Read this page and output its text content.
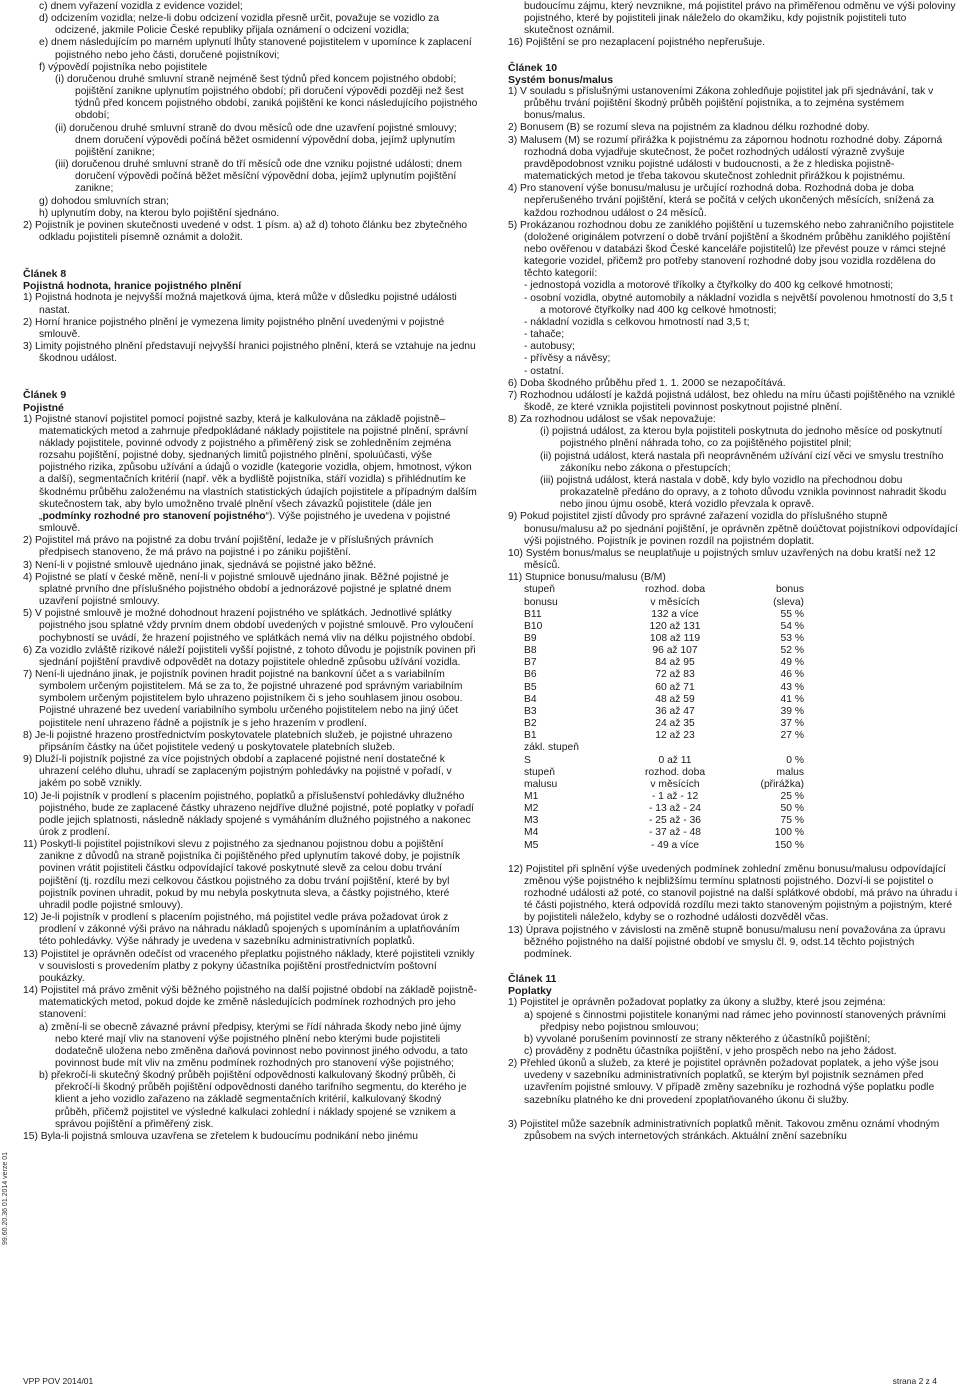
c) dnem vyřazení vozidla z evidence vozidel;

d) odcizením vozidla; nelze-li dobu odcizení vozidla přesně určit, považuje se vozidlo za odcizené, jakmile Policie České republiky přijala oznámení o odcizení vozidla;

e) dnem následujícím po marném uplynutí lhůty stanovené pojistitelem v upomínce k zaplacení pojistného nebo jeho části, doručené pojistníkovi;

f) výpovědí pojistníka nebo pojistitele

(i) doručenou druhé smluvní straně nejméně šest týdnů před koncem pojistného období; pojištění zanikne uplynutím pojistného období; při doručení výpovědi později než šest týdnů před koncem pojistného období, zaniká pojištění ke konci následujícího pojistného období;

(ii) doručenou druhé smluvní straně do dvou měsíců ode dne uzavření pojistné smlouvy; dnem doručení výpovědi počíná běžet osmidenní výpovědní doba, jejímž uplynutím pojištění zanikne;

(iii) doručenou druhé smluvní straně do tří měsíců ode dne vzniku pojistné události; dnem doručení výpovědi počíná běžet měsíční výpovědní doba, jejímž uplynutím pojištění zanikne;

g) dohodou smluvních stran;

h) uplynutím doby, na kterou bylo pojištění sjednáno.

2) Pojistník je povinen skutečnosti uvedené v odst. 1 písm. a) až d) tohoto článku bez zbytečného odkladu pojistiteli písemně oznámit a doložit.

Článek 8
Pojistná hodnota, hranice pojistného plnění

1) Pojistná hodnota je nejvyšší možná majetková újma, která může v důsledku pojistné události nastat.

2) Horní hranice pojistného plnění je vymezena limity pojistného plnění uvedenými v pojistné smlouvě.

3) Limity pojistného plnění představují nejvyšší hranici pojistného plnění, která se vztahuje na jednu škodnou událost.

Článek 9
Pojistné

1) Pojistné stanoví pojistitel pomocí pojistné sazby, která je kalkulována na základě pojistně–matematických metod a zahrnuje předpokládané náklady pojistitele na pojistné plnění, správní náklady pojistitele, povinné odvody z pojistného a přiměřený zisk se zohledněním zejména rozsahu pojištění, pojistné doby, sjednaných limitů pojistného plnění, spoluúčasti, výše pojistného rizika, způsobu užívání a údajů o vozidle (kategorie vozidla, objem, hmotnost, výkon a další), segmentačních kritérií (např. věk a bydliště pojistníka, stáří vozidla) s přihlédnutím ke škodnému průběhu založenému na vlastních statistických údajích pojistitele a případným dalším skutečnostem tak, aby bylo umožněno trvalé plnění všech závazků pojistitele (dále jen „podmínky rozhodné pro stanovení pojistného“). Výše pojistného je uvedena v pojistné smlouvě.

2) Pojistitel má právo na pojistné za dobu trvání pojištění, ledaže je v příslušných právních předpisech stanoveno, že má právo na pojistné i po zániku pojištění.

3) Není-li v pojistné smlouvě ujednáno jinak, sjednává se pojistné jako běžné.

4) Pojistné se platí v české měně, není-li v pojistné smlouvě ujednáno jinak. Běžné pojistné je splatné prvního dne příslušného pojistného období a jednorázové pojistné je splatné dnem uzavření pojistné smlouvy.

5) V pojistné smlouvě je možné dohodnout hrazení pojistného ve splátkách. Jednotlivé splátky pojistného jsou splatné vždy prvním dnem období uvedených v pojistné smlouvě. Pro vyloučení pochybností se uvádí, že hrazení pojistného ve splátkách nemá vliv na délku pojistného období.

6) Za vozidlo zvláště rizikové náleží pojistiteli vyšší pojistné, z tohoto důvodu je pojistník povinen při sjednání pojištění pravdivě odpovědět na dotazy pojistitele ohledně způsobu užívání vozidla.

7) Není-li ujednáno jinak, je pojistník povinen hradit pojistné na bankovní účet a s variabilním symbolem určeným pojistitelem. Má se za to, že pojistné uhrazené pod správným variabilním symbolem určeným pojistitelem bylo uhrazeno pojistníkem či s jeho souhlasem jinou osobou. Pojistné uhrazené bez uvedení variabilního symbolu určeného pojistitelem nebo na jiný účet pojistitele není uhrazeno řádně a pojistník je s jeho hrazením v prodlení.

8) Je-li pojistné hrazeno prostřednictvím poskytovatele platebních služeb, je pojistné uhrazeno připsáním částky na účet pojistitele vedený u poskytovatele platebních služeb.

9) Dluží-li pojistník pojistné za více pojistných období a zaplacené pojistné není dostatečné k uhrazení celého dluhu, uhradí se zaplaceným pojistným pohledávky na pojistné v pořadí, v jakém po sobě vznikly.

10) Je-li pojistník v prodlení s placením pojistného, poplatků a příslušenství pohledávky dlužného pojistného, bude ze zaplacené částky uhrazeno nejdříve dlužné pojistné, poté poplatky v pořadí podle jejich splatnosti, následně náklady spojené s vymáháním dlužného pojistného a nakonec úrok z prodlení.

11) Poskytl-li pojistitel pojistníkovi slevu z pojistného za sjednanou pojistnou dobu a pojištění zanikne z důvodů na straně pojistníka či pojištěného před uplynutím takové doby, je pojistník povinen vrátit pojistiteli částku odpovídající takové poskytnuté slevě za celou dobu trvání pojištění (tj. rozdílu mezi celkovou částkou pojistného za dobu trvání pojištění, které by byl pojistník povinen uhradit, pokud by mu nebyla poskytnuta sleva, a částky pojistného, které uhradil podle pojistné smlouvy).

12) Je-li pojistník v prodlení s placením pojistného, má pojistitel vedle práva požadovat úrok z prodlení v zákonné výši právo na náhradu nákladů spojených s upomínáním a uplatňováním této pohledávky. Výše náhrady je uvedena v sazebníku administrativních poplatků.

13) Pojistitel je oprávněn odečíst od vraceného přeplatku pojistného náklady, které pojistiteli vznikly v souvislosti s provedením platby z pokyny účastníka pojištění prostřednictvím poštovní poukázky.

14) Pojistitel má právo změnit výši běžného pojistného na další pojistné období na základě pojistně-matematických metod, pokud dojde ke změně následujících podmínek rozhodných pro jeho stanovení:

a) změní-li se obecně závazné právní předpisy, kterými se řídí náhrada škody nebo jiné újmy nebo které mají vliv na stanovení výše pojistného plnění nebo kterými bude pojistiteli dodatečně uložena nebo změněna daňová povinnost nebo povinnost jiného odvodu, a tato povinnost bude mít vliv na změnu podmínek rozhodných pro stanovení výše pojistného;

b) překročí-li skutečný škodný průběh pojištění odpovědnosti kalkulovaný škodný průběh, či překročí-li škodný průběh pojištění odpovědnosti daného tarifního segmentu, do kterého je klient a jeho vozidlo zařazeno na základě segmentačních kritérií, kalkulovaný škodný průběh, přičemž pojistitel ve výsledné kalkulaci zohlední i náklady spojené se vznikem a správou pojištění a přiměřený zisk.

15) Byla-li pojistná smlouva uzavřena se zřetelem k budoucímu podnikání nebo jinému

budoucímu zájmu, který nevznikne, má pojistitel právo na přiměřenou odměnu ve výši poloviny pojistného, které by pojistiteli jinak náleželo do okamžiku, kdy pojistník pojistiteli tuto skutečnost oznámil.

16) Pojištění se pro nezaplacení pojistného nepřerušuje.

Článek 10
Systém bonus/malus

1) V souladu s příslušnými ustanoveními Zákona zohledňuje pojistitel jak při sjednávání, tak v průběhu trvání pojištění škodný průběh pojištění pojistníka, a to zejména systémem bonus/malus.

2) Bonusem (B) se rozumí sleva na pojistném za kladnou délku rozhodné doby.

3) Malusem (M) se rozumí přirážka k pojistnému za zápornou hodnotu rozhodné doby. Záporná rozhodná doba vyjadřuje skutečnost, že počet rozhodných událostí výrazně zvyšuje pravděpodobnost vzniku pojistné události v budoucnosti, a že z hlediska pojistně-matematických metod je třeba takovou skutečnost zohlednit přirážkou k pojistnému.

4) Pro stanovení výše bonusu/malusu je určující rozhodná doba. Rozhodná doba je doba nepřerušeného trvání pojištění, která se počítá v celých ukončených měsících, snížená za každou rozhodnou událost o 24 měsíců.

5) Prokázanou rozhodnou dobu ze zaniklého pojištění u tuzemského nebo zahraničního pojistitele (doložené originálem potvrzení o době trvání pojištění a škodném průběhu zaniklého pojištění nebo ověřenou v databázi škod České kanceláře pojistitelů) lze převést pouze v rámci stejné kategorie vozidel, přičemž pro potřeby stanovení rozhodné doby jsou vozidla rozdělena do těchto kategorií:

- jednostopá vozidla a motorové tříkolky a čtyřkolky do 400 kg celkové hmotnosti;

- osobní vozidla, obytné automobily a nákladní vozidla s největší povolenou hmotností do 3,5 t a motorové čtyřkolky nad 400 kg celkové hmotnosti;

- nákladní vozidla s celkovou hmotností nad 3,5 t;

- tahače;

- autobusy;

- přívěsy a návěsy;

- ostatní.

6) Doba škodného průběhu před 1. 1. 2000 se nezapočítává.

7) Rozhodnou událostí je každá pojistná událost, bez ohledu na míru účasti pojištěného na vzniklé škodě, ze které vznikla pojistiteli povinnost poskytnout pojistné plnění.

8) Za rozhodnou událost se však nepovažuje:

(i) pojistná událost, za kterou byla pojistiteli poskytnuta do jednoho měsíce od poskytnutí pojistného plnění náhrada toho, co za pojištěného pojistitel plnil;

(ii) pojistná událost, která nastala při neoprávněném užívání cizí věci ve smyslu trestního zákoníku nebo zákona o přestupcích;

(iii) pojistná událost, která nastala v době, kdy bylo vozidlo na přechodnou dobu prokazatelně předáno do opravy, a z tohoto důvodu vznikla povinnost nahradit škodu nebo jinou újmu osobě, která vozidlo převzala k opravě.

9) Pokud pojistitel zjistí důvody pro správné zařazení vozidla do příslušného stupně bonusu/malusu až po sjednání pojištění, je oprávněn zpětně doúčtovat pojistníkovi odpovídající výši pojistného. Pojistník je povinen rozdíl na pojistném doplatit.

10) Systém bonus/malus se neuplatňuje u pojistných smluv uzavřených na dobu kratší než 12 měsíců.

11) Stupnice bonusu/malusu (B/M)

stupeň	rozhod. doba	bonus
bonusu	v měsících	(sleva)
B11	132 a více	55 %
B10	120 až 131	54 %
B9	108 až 119	53 %
B8	96 až 107	52 %
B7	84 až 95	49 %
B6	72 až 83	46 %
B5	60 až 71	43 %
B4	48 až 59	41 %
B3	36 až 47	39 %
B2	24 až 35	37 %
B1	12 až 23	27 %
zákl. stupeň		
S	0 až 11	0 %
stupeň	rozhod. doba	malus
malusu	v měsících	(přirážka)
M1	- 1 až - 12	25 %
M2	- 13 až - 24	50 %
M3	- 25 až - 36	75 %
M4	- 37 až - 48	100 %
M5	- 49 a více	150 %

12) Pojistitel při splnění výše uvedených podmínek zohlední změnu bonusu/malusu odpovídající změnou výše pojistného k nejbližšímu termínu splatnosti pojistného. Dozví-li se pojistitel o rozhodné události až poté, co stanovil pojistné na další splátkové období, má právo na úhradu i té části pojistného, která odpovídá rozdílu mezi takto stanoveným pojistným a pojistným, které by pojistiteli náleželo, kdyby se o rozhodné události dozvěděl včas.

13) Úprava pojistného v závislosti na změně stupně bonusu/malusu není považována za úpravu běžného pojistného na další pojistné období ve smyslu čl. 9, odst.14 těchto pojistných podmínek.

Článek 11
Poplatky

1) Pojistitel je oprávněn požadovat poplatky za úkony a služby, které jsou zejména:

a) spojené s činnostmi pojistitele konanými nad rámec jeho povinností stanovených právními předpisy nebo pojistnou smlouvou;

b) vyvolané porušením povinností ze strany některého z účastníků pojištění;

c) prováděny z podnětu účastníka pojištění, v jeho prospěch nebo na jeho žádost.

2) Přehled úkonů a služeb, za které je pojistitel oprávněn požadovat poplatek, a jeho výše jsou uvedeny v sazebníku administrativních poplatků, se kterým byl pojistník seznámen před uzavřením pojistné smlouvy. V případě změny sazebníku je rozhodná výše poplatku podle sazebníku platného ke dni provedení zpoplatňovaného úkonu či služby.

3) Pojistitel může sazebník administrativních poplatků měnit. Takovou změnu oznámí vhodným způsobem na svých internetových stránkách. Aktuální znění sazebníku

99.60.20.36 01.2014 verze 01
VPP POV 2014/01	strana 2 z 4
